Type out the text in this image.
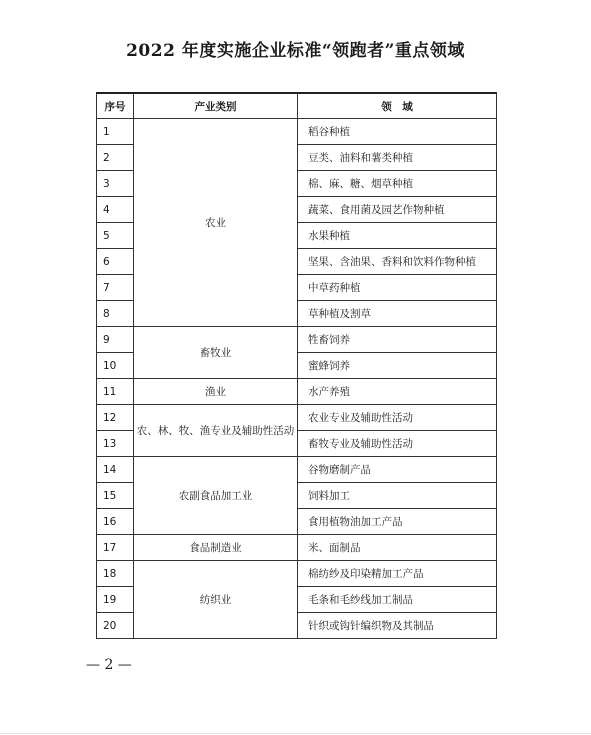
2022 年度实施企业标准“领跑者”重点领域
序号	产业类别	领　域
1	农业	稻谷种植
2		豆类、油料和薯类种植
3		棉、麻、糖、烟草种植
4		蔬菜、食用菌及园艺作物种植
5		水果种植
6		坚果、含油果、香料和饮料作物种植
7		中草药种植
8		草种植及割草
9	畜牧业	牲畜饲养
10		蜜蜂饲养
11	渔业	水产养殖
12	农、林、牧、渔专业及辅助性活动	农业专业及辅助性活动
13		畜牧专业及辅助性活动
14	农副食品加工业	谷物磨制产品
15		饲料加工
16		食用植物油加工产品
17	食品制造业	米、面制品
18	纺织业	棉纺纱及印染精加工产品
19		毛条和毛纱线加工制品
20		针织或钩针编织物及其制品
— 2 —
